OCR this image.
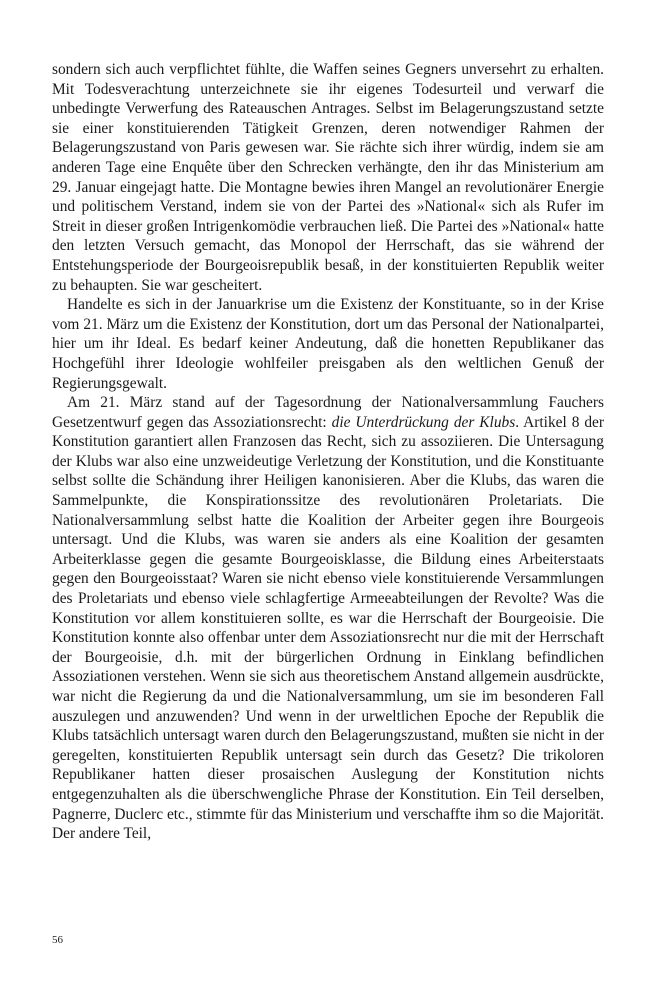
sondern sich auch verpflichtet fühlte, die Waffen seines Gegners unversehrt zu erhalten. Mit Todesverachtung unterzeichnete sie ihr eigenes Todesurteil und verwarf die unbedingte Verwerfung des Rateauschen Antrages. Selbst im Belagerungszustand setzte sie einer konstituierenden Tätigkeit Grenzen, deren notwendiger Rahmen der Belagerungszustand von Paris gewesen war. Sie rächte sich ihrer würdig, indem sie am anderen Tage eine Enquête über den Schrecken verhängte, den ihr das Ministerium am 29. Januar eingejagt hatte. Die Montagne bewies ihren Mangel an revolutionärer Energie und politischem Verstand, indem sie von der Partei des »National« sich als Rufer im Streit in dieser großen Intrigenkomödie verbrauchen ließ. Die Partei des »National« hatte den letzten Versuch gemacht, das Monopol der Herrschaft, das sie während der Entstehungsperiode der Bourgeoisrepublik besaß, in der konstituierten Republik weiter zu behaupten. Sie war gescheitert.

Handelte es sich in der Januarkrise um die Existenz der Konstituante, so in der Krise vom 21. März um die Existenz der Konstitution, dort um das Personal der Nationalpartei, hier um ihr Ideal. Es bedarf keiner Andeutung, daß die honetten Republikaner das Hochgefühl ihrer Ideologie wohlfeiler preisgaben als den weltlichen Genuß der Regierungsgewalt.

Am 21. März stand auf der Tagesordnung der Nationalversammlung Fauchers Gesetzentwurf gegen das Assoziationsrecht: die Unterdrückung der Klubs. Artikel 8 der Konstitution garantiert allen Franzosen das Recht, sich zu assoziieren. Die Untersagung der Klubs war also eine unzweideutige Verletzung der Konstitution, und die Konstituante selbst sollte die Schändung ihrer Heiligen kanonisieren. Aber die Klubs, das waren die Sammelpunkte, die Konspirationssitze des revolutionären Proletariats. Die Nationalversammlung selbst hatte die Koalition der Arbeiter gegen ihre Bourgeois untersagt. Und die Klubs, was waren sie anders als eine Koalition der gesamten Arbeiterklasse gegen die gesamte Bourgeoisklasse, die Bildung eines Arbeiterstaats gegen den Bourgeoisstaat? Waren sie nicht ebenso viele konstituierende Versammlungen des Proletariats und ebenso viele schlagfertige Armeeabteilungen der Revolte? Was die Konstitution vor allem konstituieren sollte, es war die Herrschaft der Bourgeoisie. Die Konstitution konnte also offenbar unter dem Assoziationsrecht nur die mit der Herrschaft der Bourgeoisie, d.h. mit der bürgerlichen Ordnung in Einklang befindlichen Assoziationen verstehen. Wenn sie sich aus theoretischem Anstand allgemein ausdrückte, war nicht die Regierung da und die Nationalversammlung, um sie im besonderen Fall auszulegen und anzuwenden? Und wenn in der urweltlichen Epoche der Republik die Klubs tatsächlich untersagt waren durch den Belagerungszustand, mußten sie nicht in der geregelten, konstituierten Republik untersagt sein durch das Gesetz? Die trikoloren Republikaner hatten dieser prosaischen Auslegung der Konstitution nichts entgegenzuhalten als die überschwengliche Phrase der Konstitution. Ein Teil derselben, Pagnerre, Duclerc etc., stimmte für das Ministerium und verschaffte ihm so die Majorität. Der andere Teil,

56
